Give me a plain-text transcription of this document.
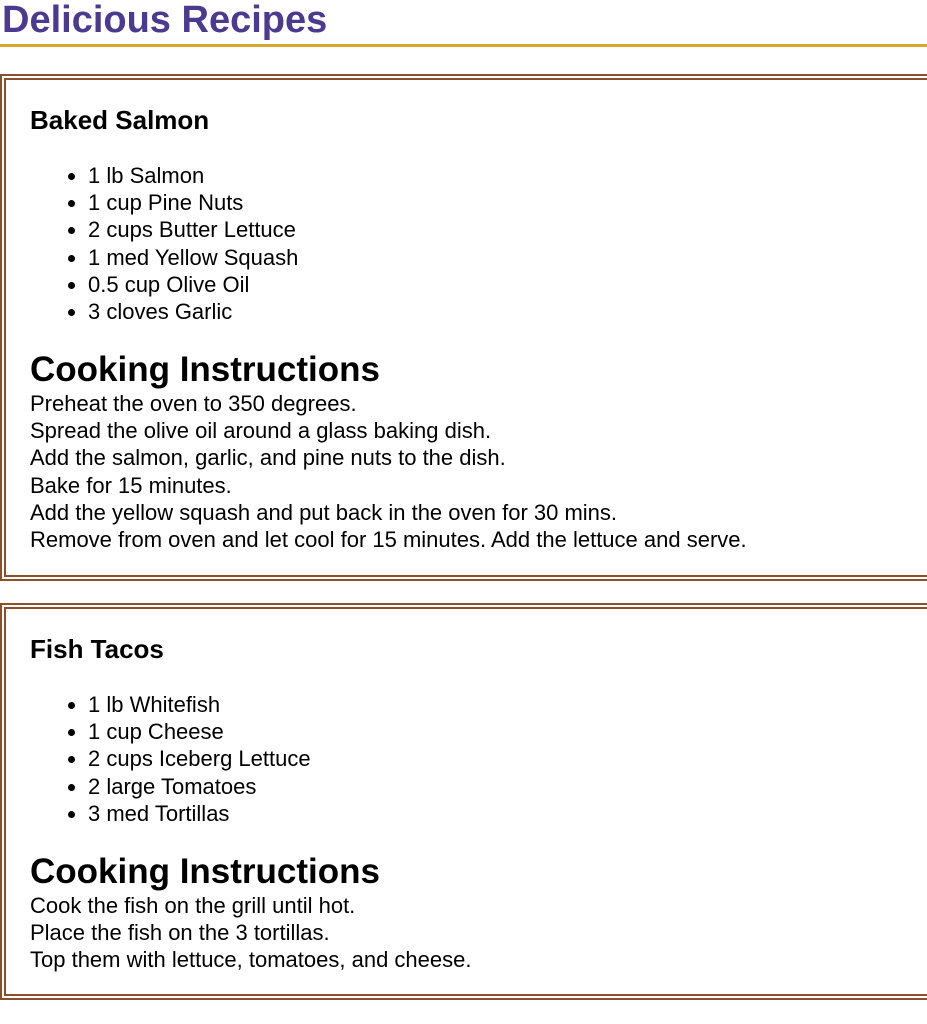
Delicious Recipes
Baked Salmon
• 1 lb Salmon
• 1 cup Pine Nuts
• 2 cups Butter Lettuce
• 1 med Yellow Squash
• 0.5 cup Olive Oil
• 3 cloves Garlic
Cooking Instructions
Preheat the oven to 350 degrees.
Spread the olive oil around a glass baking dish.
Add the salmon, garlic, and pine nuts to the dish.
Bake for 15 minutes.
Add the yellow squash and put back in the oven for 30 mins.
Remove from oven and let cool for 15 minutes. Add the lettuce and serve.
Fish Tacos
• 1 lb Whitefish
• 1 cup Cheese
• 2 cups Iceberg Lettuce
• 2 large Tomatoes
• 3 med Tortillas
Cooking Instructions
Cook the fish on the grill until hot.
Place the fish on the 3 tortillas.
Top them with lettuce, tomatoes, and cheese.
